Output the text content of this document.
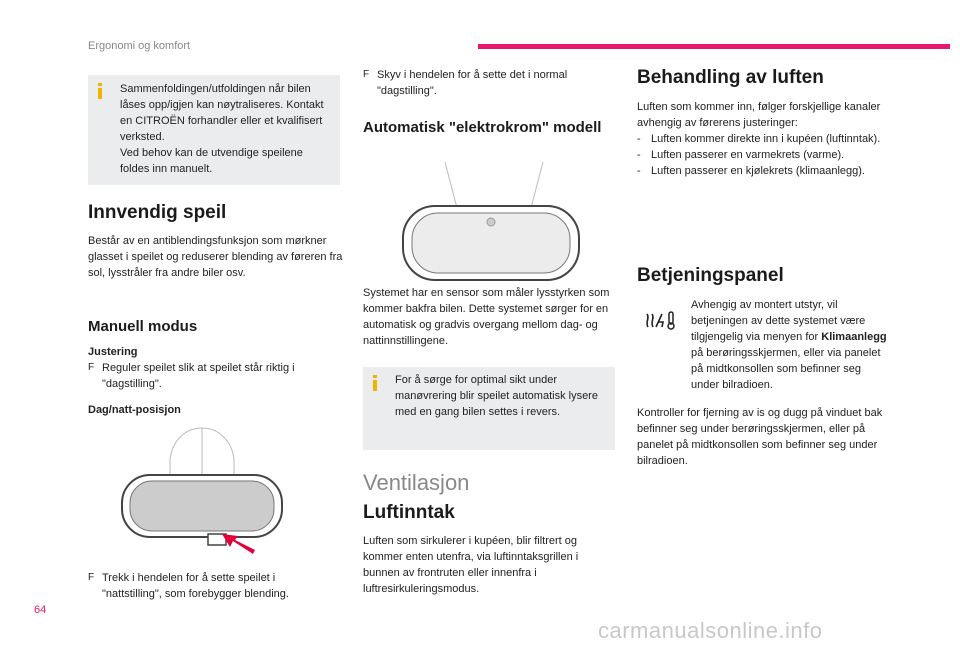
Ergonomi og komfort
Sammenfoldingen/utfoldingen når bilen låses opp/igjen kan nøytraliseres. Kontakt en CITROËN forhandler eller et kvalifisert verksted.
Ved behov kan de utvendige speilene foldes inn manuelt.
Innvendig speil
Består av en antiblendingsfunksjon som mørkner glasset i speilet og reduserer blending av føreren fra sol, lysstråler fra andre biler osv.
Manuell modus
Justering
F Reguler speilet slik at speilet står riktig i "dagstilling".
Dag/natt-posisjon
F Trekk i hendelen for å sette speilet i "nattstilling", som forebygger blending.
F Skyv i hendelen for å sette det i normal "dagstilling".
Automatisk "elektrokrom" modell
Systemet har en sensor som måler lysstyrken som kommer bakfra bilen. Dette systemet sørger for en automatisk og gradvis overgang mellom dag- og nattinnstillingene.
For å sørge for optimal sikt under manøvrering blir speilet automatisk lysere med en gang bilen settes i revers.
Ventilasjon
Luftinntak
Luften som sirkulerer i kupéen, blir filtrert og kommer enten utenfra, via luftinntaksgrillen i bunnen av frontruten eller innenfra i luftresirkuleringsmodus.
Behandling av luften
Luften som kommer inn, følger forskjellige kanaler avhengig av førerens justeringer:
- Luften kommer direkte inn i kupéen (luftinntak).
- Luften passerer en varmekrets (varme).
- Luften passerer en kjølekrets (klimaanlegg).
Betjeningspanel
Avhengig av montert utstyr, vil betjeningen av dette systemet være tilgjengelig via menyen for Klimaanlegg på berøringsskjermen, eller via panelet på midtkonsollen som befinner seg under bilradioen.
Kontroller for fjerning av is og dugg på vinduet bak befinner seg under berøringsskjermen, eller på panelet på midtkonsollen som befinner seg under bilradioen.
64
carmanualsonline.info
